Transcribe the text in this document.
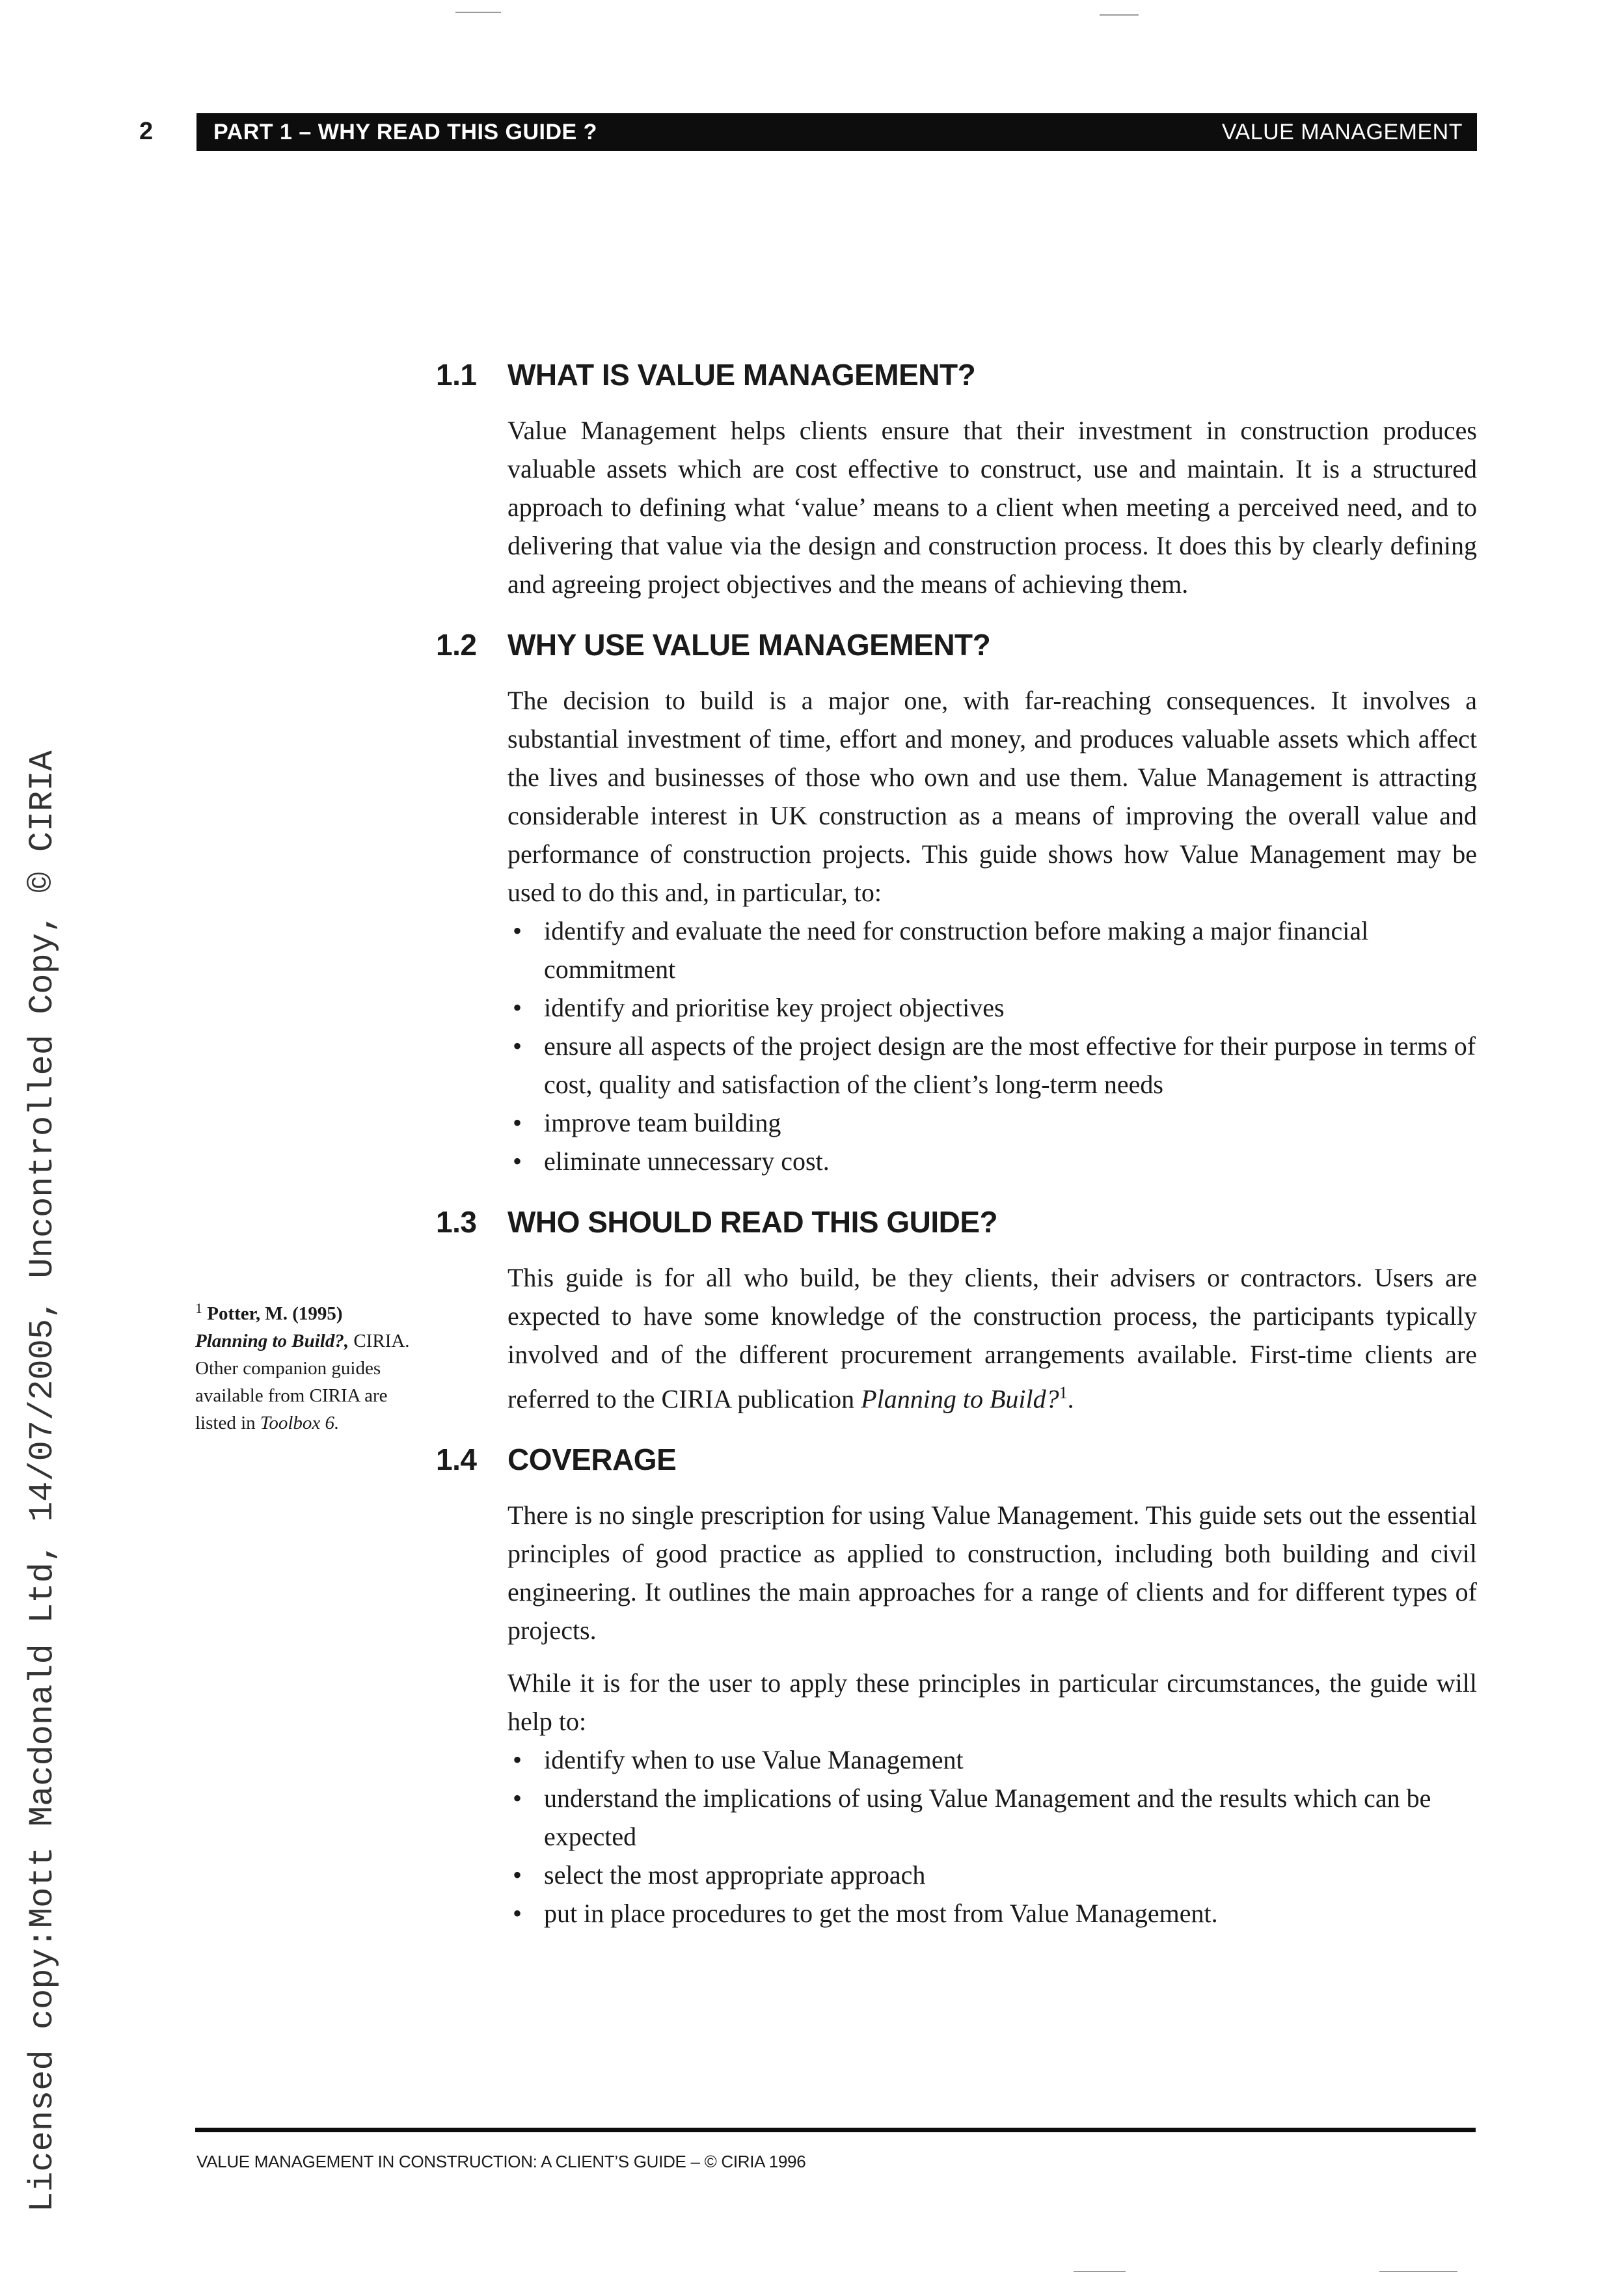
2	PART 1 – WHY READ THIS GUIDE ?	VALUE MANAGEMENT
$^1$ Potter, M. (1995)
Planning to Build?, CIRIA. Other companion guides available from CIRIA are listed in Toolbox 6.
1.1	WHAT IS VALUE MANAGEMENT?

Value Management helps clients ensure that their investment in construction produces valuable assets which are cost effective to construct, use and maintain. It is a structured approach to defining what ‘value’ means to a client when meeting a perceived need, and to delivering that value via the design and construction process. It does this by clearly defining and agreeing project objectives and the means of achieving them.

1.2	WHY USE VALUE MANAGEMENT?

The decision to build is a major one, with far-reaching consequences. It involves a substantial investment of time, effort and money, and produces valuable assets which affect the lives and businesses of those who own and use them. Value Management is attracting considerable interest in UK construction as a means of improving the overall value and performance of construction projects. This guide shows how Value Management may be used to do this and, in particular, to:

• identify and evaluate the need for construction before making a major financial commitment
• identify and prioritise key project objectives
• ensure all aspects of the project design are the most effective for their purpose in terms of cost, quality and satisfaction of the client’s long-term needs
• improve team building
• eliminate unnecessary cost.
1.3	WHO SHOULD READ THIS GUIDE?

This guide is for all who build, be they clients, their advisers or contractors. Users are expected to have some knowledge of the construction process, the participants typically involved and of the different procurement arrangements available. First-time clients are referred to the CIRIA publication Planning to Build?$^1$.

1.4	COVERAGE

There is no single prescription for using Value Management. This guide sets out the essential principles of good practice as applied to construction, including both building and civil engineering. It outlines the main approaches for a range of clients and for different types of projects.

While it is for the user to apply these principles in particular circumstances, the guide will help to:

• identify when to use Value Management
• understand the implications of using Value Management and the results which can be expected
• select the most appropriate approach
• put in place procedures to get the most from Value Management.
VALUE MANAGEMENT IN CONSTRUCTION: A CLIENT’S GUIDE – © CIRIA 1996
Licensed copy:Mott Macdonald Ltd, 14/07/2005, Uncontrolled Copy, © CIRIA
